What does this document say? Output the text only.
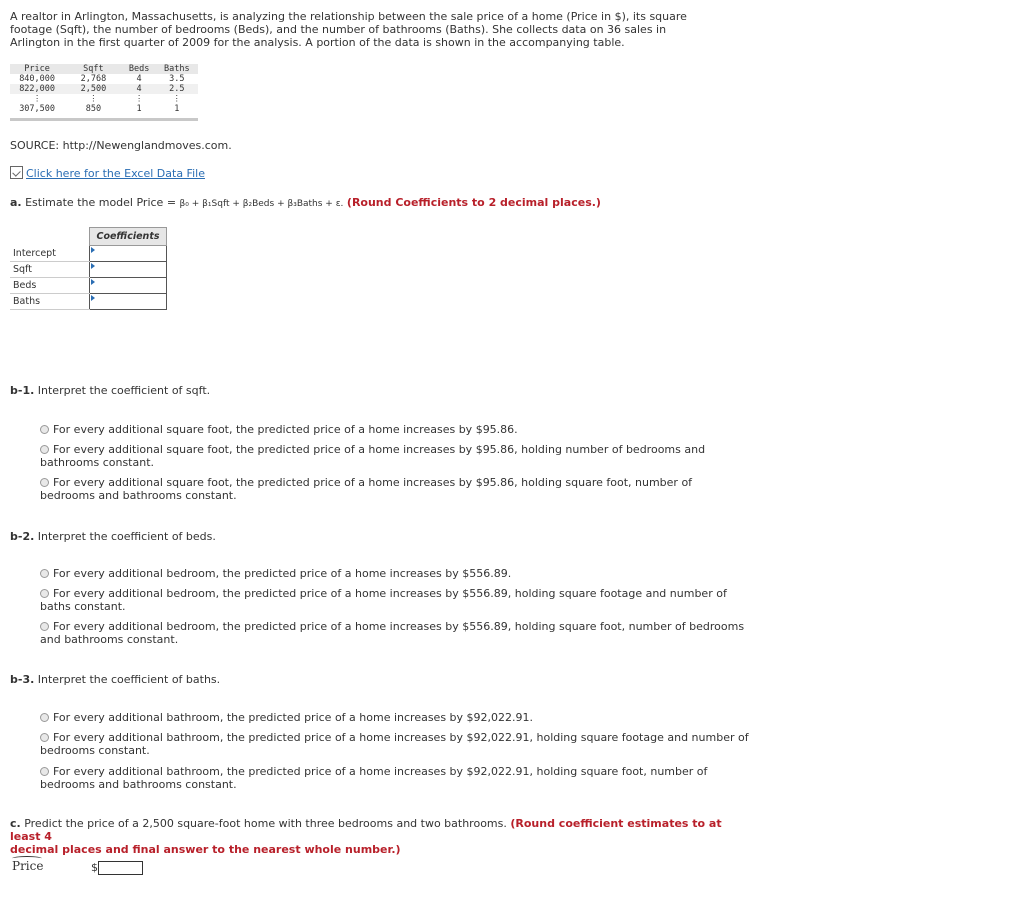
A realtor in Arlington, Massachusetts, is analyzing the relationship between the sale price of a home (Price in $), its square footage (Sqft), the number of bedrooms (Beds), and the number of bathrooms (Baths). She collects data on 36 sales in Arlington in the first quarter of 2009 for the analysis. A portion of the data is shown in the accompanying table.
Price	Sqft	Beds	Baths
840,000	2,768	4	3.5
822,000	2,500	4	2.5
⋮	⋮	⋮	⋮
307,500	850	1	1
SOURCE: http://Newenglandmoves.com.
Click here for the Excel Data File
a. Estimate the model Price = β₀ + β₁Sqft + β₂Beds + β₃Baths + ε. (Round Coefficients to 2 decimal places.)
	Coefficients
Intercept	

Sqft	

Beds	

Baths	
b-1. Interpret the coefficient of sqft.
For every additional square foot, the predicted price of a home increases by $95.86.
For every additional square foot, the predicted price of a home increases by $95.86, holding number of bedrooms and
bathrooms constant.
For every additional square foot, the predicted price of a home increases by $95.86, holding square foot, number of
bedrooms and bathrooms constant.
b-2. Interpret the coefficient of beds.
For every additional bedroom, the predicted price of a home increases by $556.89.
For every additional bedroom, the predicted price of a home increases by $556.89, holding square footage and number of
baths constant.
For every additional bedroom, the predicted price of a home increases by $556.89, holding square foot, number of bedrooms
and bathrooms constant.
b-3. Interpret the coefficient of baths.
For every additional bathroom, the predicted price of a home increases by $92,022.91.
For every additional bathroom, the predicted price of a home increases by $92,022.91, holding square footage and number of
bedrooms constant.
For every additional bathroom, the predicted price of a home increases by $92,022.91, holding square foot, number of
bedrooms and bathrooms constant.
c. Predict the price of a 2,500 square-foot home with three bedrooms and two bathrooms. (Round coefficient estimates to at least 4
decimal places and final answer to the nearest whole number.)
Price	$
